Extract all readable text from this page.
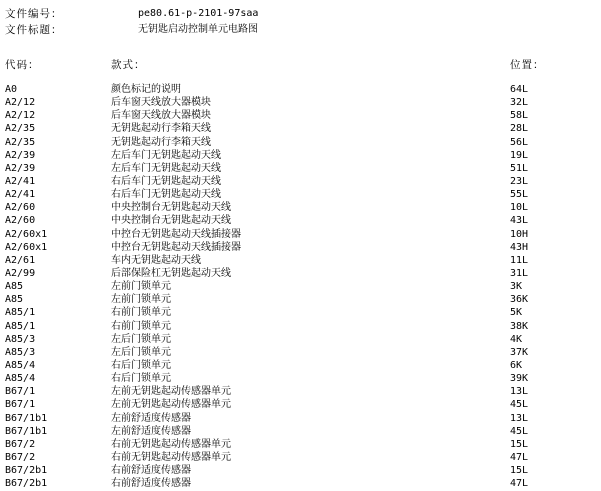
文件编号：	pe80.61-p-2101-97saa
文件标题：	无钥匙启动控制单元电路图
代码：	款式：	位置：
A0	颜色标记的说明	64L
A2/12	后车窗天线放大器模块	32L
A2/12	后车窗天线放大器模块	58L
A2/35	无钥匙起动行李箱天线	28L
A2/35	无钥匙起动行李箱天线	56L
A2/39	左后车门无钥匙起动天线	19L
A2/39	左后车门无钥匙起动天线	51L
A2/41	右后车门无钥匙起动天线	23L
A2/41	右后车门无钥匙起动天线	55L
A2/60	中央控制台无钥匙起动天线	10L
A2/60	中央控制台无钥匙起动天线	43L
A2/60x1	中控台无钥匙起动天线插接器	10H
A2/60x1	中控台无钥匙起动天线插接器	43H
A2/61	车内无钥匙起动天线	11L
A2/99	后部保险杠无钥匙起动天线	31L
A85	左前门锁单元	3K
A85	左前门锁单元	36K
A85/1	右前门锁单元	5K
A85/1	右前门锁单元	38K
A85/3	左后门锁单元	4K
A85/3	左后门锁单元	37K
A85/4	右后门锁单元	6K
A85/4	右后门锁单元	39K
B67/1	左前无钥匙起动传感器单元	13L
B67/1	左前无钥匙起动传感器单元	45L
B67/1b1	左前舒适度传感器	13L
B67/1b1	左前舒适度传感器	45L
B67/2	右前无钥匙起动传感器单元	15L
B67/2	右前无钥匙起动传感器单元	47L
B67/2b1	右前舒适度传感器	15L
B67/2b1	右前舒适度传感器	47L
